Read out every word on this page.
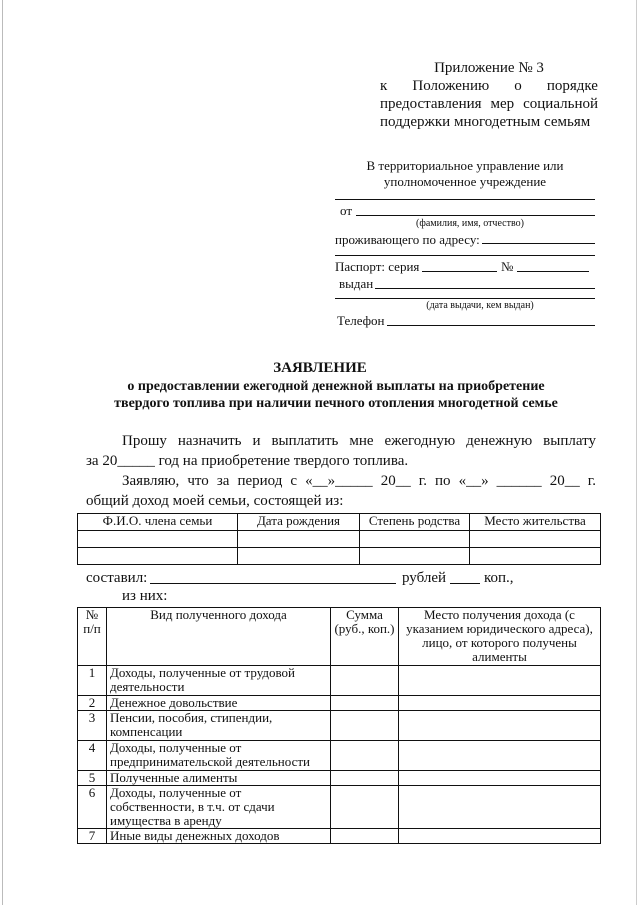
Приложение № 3
к Положению о порядке
предоставления мер социальной
поддержки многодетным семьям
В территориальное управление или
уполномоченное учреждение
от
(фамилия, имя, отчество)
проживающего по адресу:
Паспорт: серия	№
выдан
(дата выдачи, кем выдан)
Телефон
ЗАЯВЛЕНИЕ
о предоставлении ежегодной денежной выплаты на приобретение
твердого топлива при наличии печного отопления многодетной семье
Прошу назначить и выплатить мне ежегодную денежную выплату
за 20_____ год на приобретение твердого топлива.
Заявляю, что за период с «__»_____ 20__ г. по «__» ______ 20__ г.
общий доход моей семьи, состоящей из:
Ф.И.О. члена семьи	Дата рождения	Степень родства	Место жительства

составил:	рублей	коп.,
из них:
№ п/п	Вид полученного дохода	Сумма (руб., коп.)	Место получения дохода (с указанием юридического адреса), лицо, от которого получены алименты
1	Доходы, полученные от трудовой деятельности		
2	Денежное довольствие		
3	Пенсии, пособия, стипендии, компенсации		
4	Доходы, полученные от предпринимательской деятельности		
5	Полученные алименты		
6	Доходы, полученные от собственности, в т.ч. от сдачи имущества в аренду		
7	Иные виды денежных доходов		
